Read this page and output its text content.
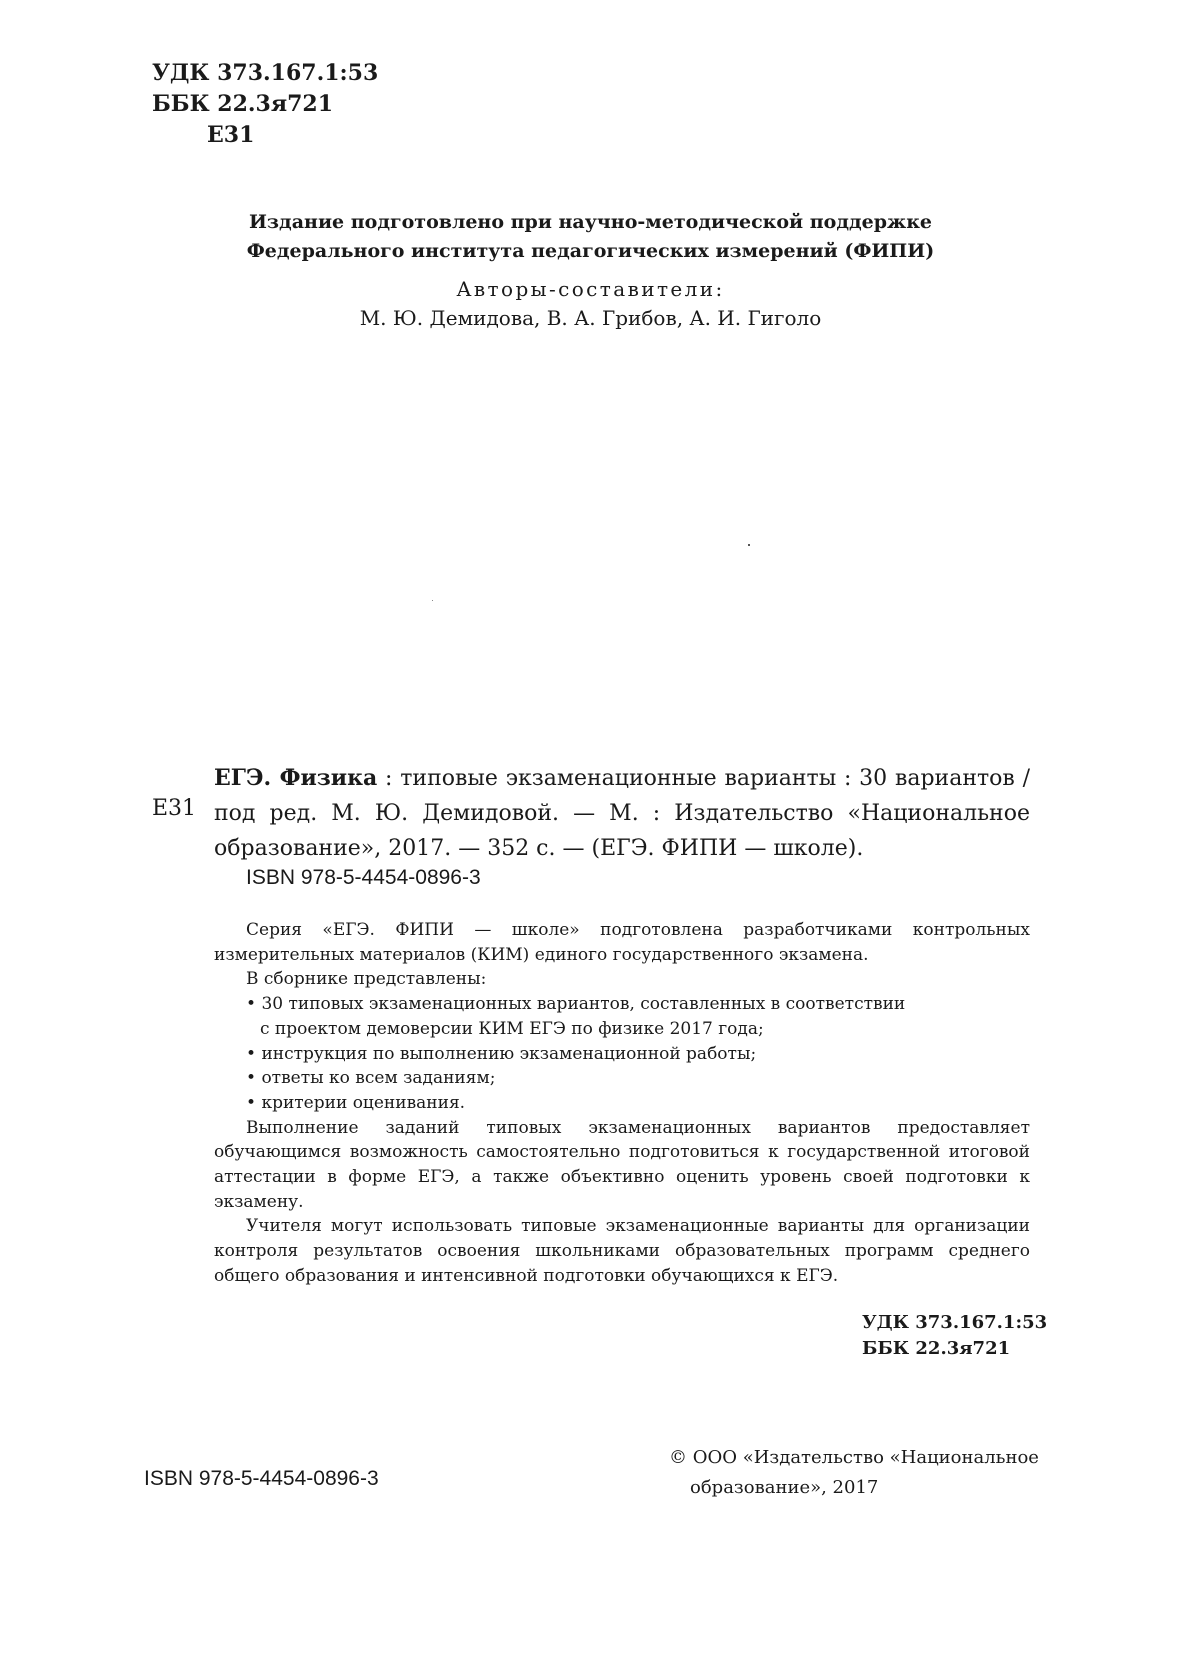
УДК 373.167.1:53
ББК 22.3я721
Е31
Издание подготовлено при научно-методической поддержке
Федерального института педагогических измерений (ФИПИ)
Авторы-составители:
М. Ю. Демидова, В. А. Грибов, А. И. Гиголо
Е31
ЕГЭ. Физика : типовые экзаменационные варианты : 30 вариантов / под ред. М. Ю. Демидовой. — М. : Издательство «Национальное образование», 2017. — 352 с. — (ЕГЭ. ФИПИ — школе).
ISBN 978-5-4454-0896-3

Серия «ЕГЭ. ФИПИ — школе» подготовлена разработчиками контрольных измерительных материалов (КИМ) единого государственного экзамена.

В сборнике представлены:

• 30 типовых экзаменационных вариантов, составленных в соответствии

с проектом демоверсии КИМ ЕГЭ по физике 2017 года;

• инструкция по выполнению экзаменационной работы;

• ответы ко всем заданиям;

• критерии оценивания.

Выполнение заданий типовых экзаменационных вариантов предоставляет обучающимся возможность самостоятельно подготовиться к государственной итоговой аттестации в форме ЕГЭ, а также объективно оценить уровень своей подготовки к экзамену.

Учителя могут использовать типовые экзаменационные варианты для организации контроля результатов освоения школьниками образовательных программ среднего общего образования и интенсивной подготовки обучающихся к ЕГЭ.

УДК 373.167.1:53
ББК 22.3я721
ISBN 978-5-4454-0896-3
© ООО «Издательство «Национальное
образование», 2017
